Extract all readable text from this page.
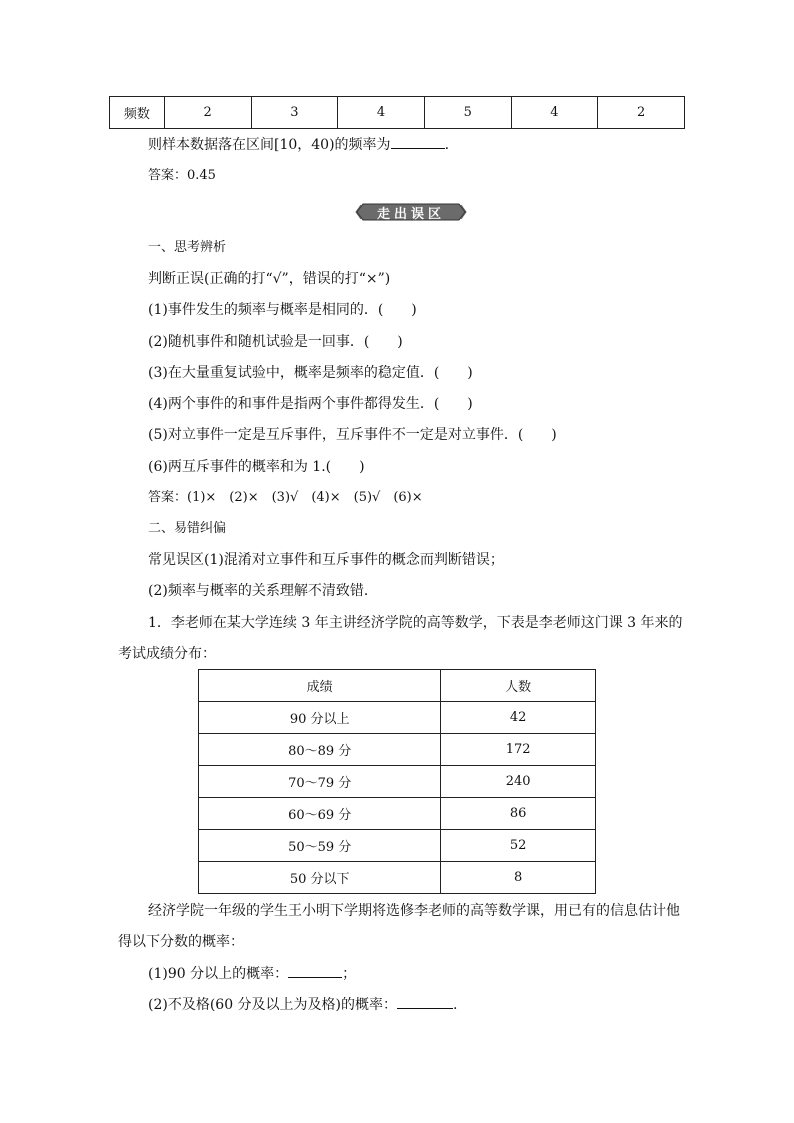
频数	2	3	4	5	4	2
则样本数据落在区间[10，40)的频率为	.
答案：0.45
走出误区
一、思考辨析
判断正误(正确的打“√”，错误的打“×”)
(1)事件发生的频率与概率是相同的．(　　)
(2)随机事件和随机试验是一回事．(　　)
(3)在大量重复试验中，概率是频率的稳定值．(　　)
(4)两个事件的和事件是指两个事件都得发生．(　　)
(5)对立事件一定是互斥事件，互斥事件不一定是对立事件．(　　)
(6)两互斥事件的概率和为 1.(　　)
答案：(1)×　(2)×　(3)√　(4)×　(5)√　(6)×
二、易错纠偏
常见误区(1)混淆对立事件和互斥事件的概念而判断错误；
(2)频率与概率的关系理解不清致错．
1．李老师在某大学连续 3 年主讲经济学院的高等数学，下表是李老师这门课 3 年来的
考试成绩分布：
成绩	人数
90 分以上	42
80～89 分	172
70～79 分	240
60～69 分	86
50～59 分	52
50 分以下	8
经济学院一年级的学生王小明下学期将选修李老师的高等数学课，用已有的信息估计他
得以下分数的概率：
(1)90 分以上的概率：	；
(2)不及格(60 分及以上为及格)的概率：	.
